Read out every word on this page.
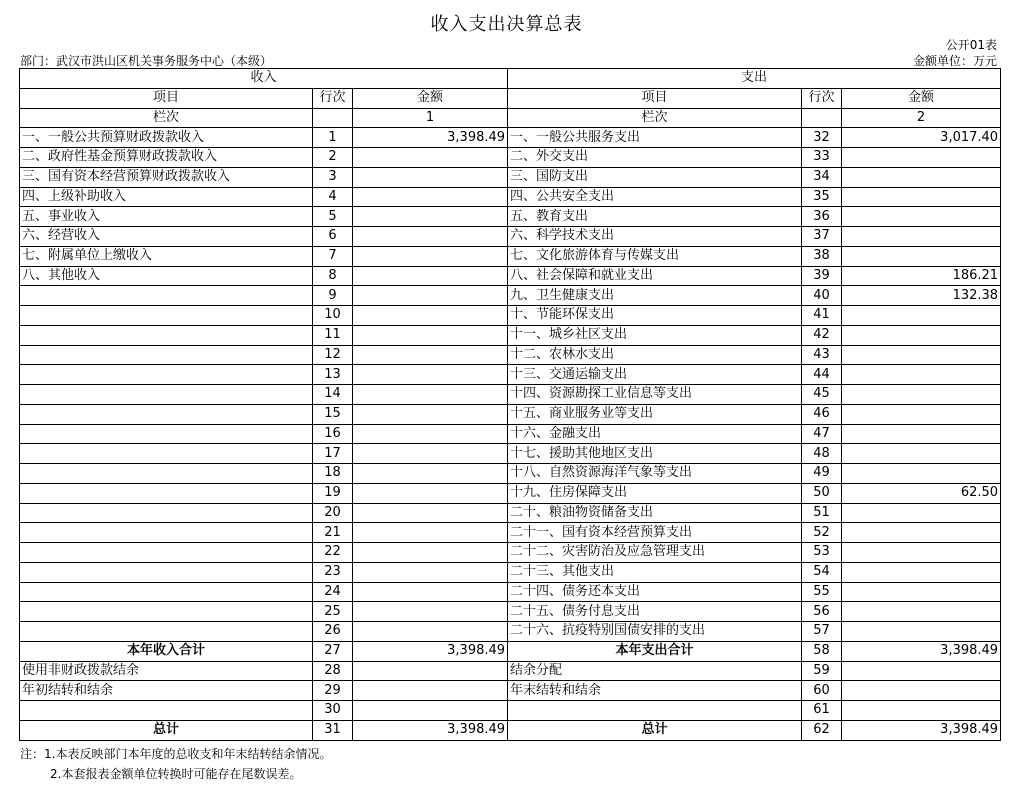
收入支出决算总表
公开01表
部门：武汉市洪山区机关事务服务中心（本级）	金额单位：万元
收入			支出		
项目	行次	金额	项目	行次	金额
栏次		1	栏次		2
一、一般公共预算财政拨款收入	1	3,398.49	一、一般公共服务支出	32	3,017.40
二、政府性基金预算财政拨款收入	2		二、外交支出	33	
三、国有资本经营预算财政拨款收入	3		三、国防支出	34	
四、上级补助收入	4		四、公共安全支出	35	
五、事业收入	5		五、教育支出	36	
六、经营收入	6		六、科学技术支出	37	
七、附属单位上缴收入	7		七、文化旅游体育与传媒支出	38	
八、其他收入	8		八、社会保障和就业支出	39	186.21
	9		九、卫生健康支出	40	132.38
	10		十、节能环保支出	41	
	11		十一、城乡社区支出	42	
	12		十二、农林水支出	43	
	13		十三、交通运输支出	44	
	14		十四、资源勘探工业信息等支出	45	
	15		十五、商业服务业等支出	46	
	16		十六、金融支出	47	
	17		十七、援助其他地区支出	48	
	18		十八、自然资源海洋气象等支出	49	
	19		十九、住房保障支出	50	62.50
	20		二十、粮油物资储备支出	51	
	21		二十一、国有资本经营预算支出	52	
	22		二十二、灾害防治及应急管理支出	53	
	23		二十三、其他支出	54	
	24		二十四、债务还本支出	55	
	25		二十五、债务付息支出	56	
	26		二十六、抗疫特别国债安排的支出	57	
本年收入合计	27	3,398.49	本年支出合计	58	3,398.49
使用非财政拨款结余	28		结余分配	59	
年初结转和结余	29		年末结转和结余	60	
	30			61	
总计	31	3,398.49	总计	62	3,398.49
注：1.本表反映部门本年度的总收支和年末结转结余情况。
2.本套报表金额单位转换时可能存在尾数误差。
